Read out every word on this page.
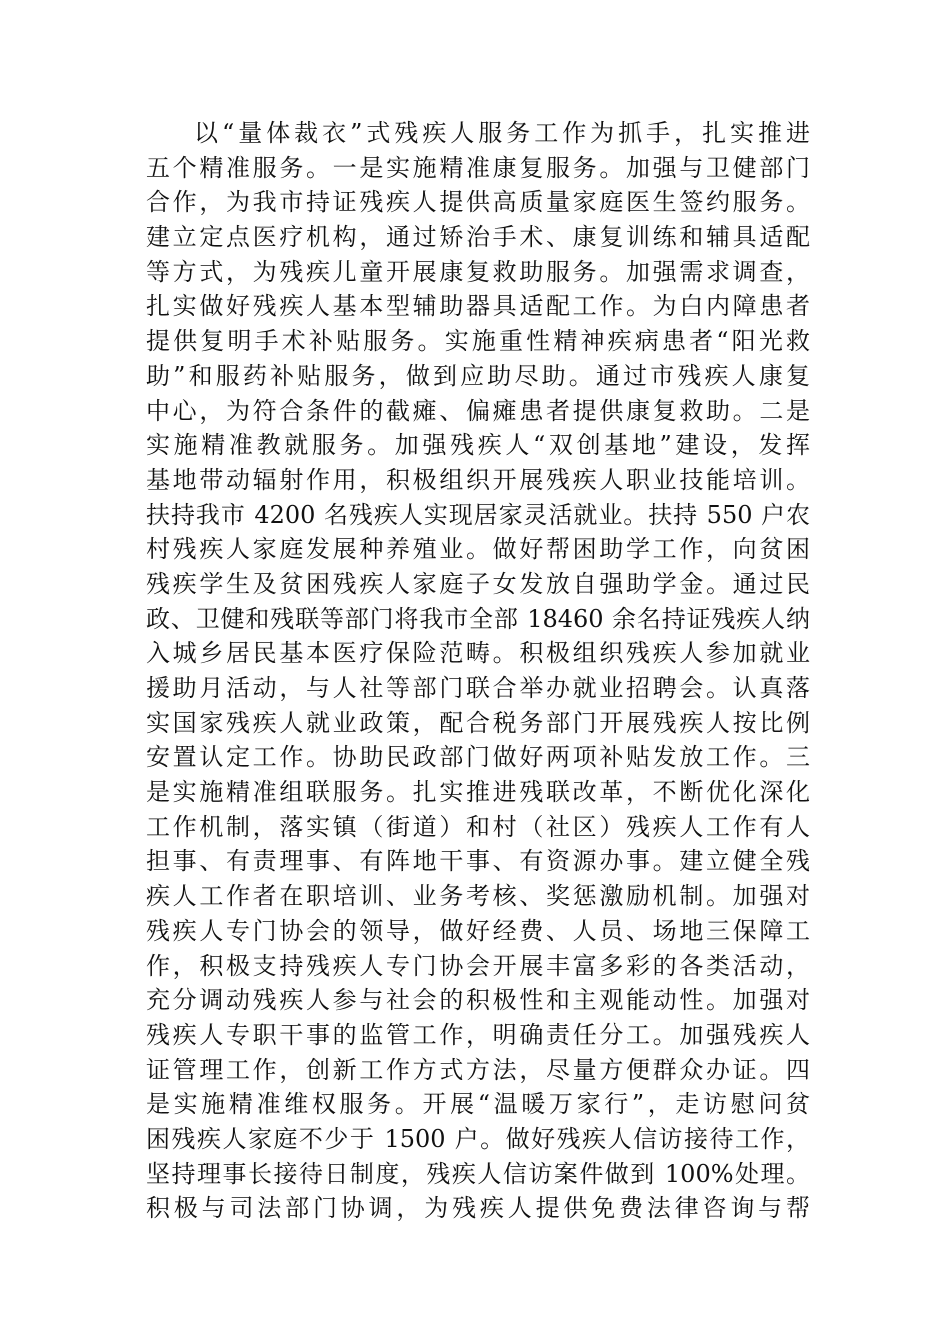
以“量体裁衣”式残疾人服务工作为抓手，扎实推进
五个精准服务。一是实施精准康复服务。加强与卫健部门
合作，为我市持证残疾人提供高质量家庭医生签约服务。
建立定点医疗机构，通过矫治手术、康复训练和辅具适配
等方式，为残疾儿童开展康复救助服务。加强需求调查，
扎实做好残疾人基本型辅助器具适配工作。为白内障患者
提供复明手术补贴服务。实施重性精神疾病患者“阳光救
助”和服药补贴服务，做到应助尽助。通过市残疾人康复
中心，为符合条件的截瘫、偏瘫患者提供康复救助。二是
实施精准教就服务。加强残疾人“双创基地”建设，发挥
基地带动辐射作用，积极组织开展残疾人职业技能培训。
扶持我市 4200 名残疾人实现居家灵活就业。扶持 550 户农
村残疾人家庭发展种养殖业。做好帮困助学工作，向贫困
残疾学生及贫困残疾人家庭子女发放自强助学金。通过民
政、卫健和残联等部门将我市全部 18460 余名持证残疾人纳
入城乡居民基本医疗保险范畴。积极组织残疾人参加就业
援助月活动，与人社等部门联合举办就业招聘会。认真落
实国家残疾人就业政策，配合税务部门开展残疾人按比例
安置认定工作。协助民政部门做好两项补贴发放工作。三
是实施精准组联服务。扎实推进残联改革，不断优化深化
工作机制，落实镇（街道）和村（社区）残疾人工作有人
担事、有责理事、有阵地干事、有资源办事。建立健全残
疾人工作者在职培训、业务考核、奖惩激励机制。加强对
残疾人专门协会的领导，做好经费、人员、场地三保障工
作，积极支持残疾人专门协会开展丰富多彩的各类活动，
充分调动残疾人参与社会的积极性和主观能动性。加强对
残疾人专职干事的监管工作，明确责任分工。加强残疾人
证管理工作，创新工作方式方法，尽量方便群众办证。四
是实施精准维权服务。开展“温暖万家行”，走访慰问贫
困残疾人家庭不少于 1500 户。做好残疾人信访接待工作，
坚持理事长接待日制度，残疾人信访案件做到 100%处理。
积极与司法部门协调，为残疾人提供免费法律咨询与帮
